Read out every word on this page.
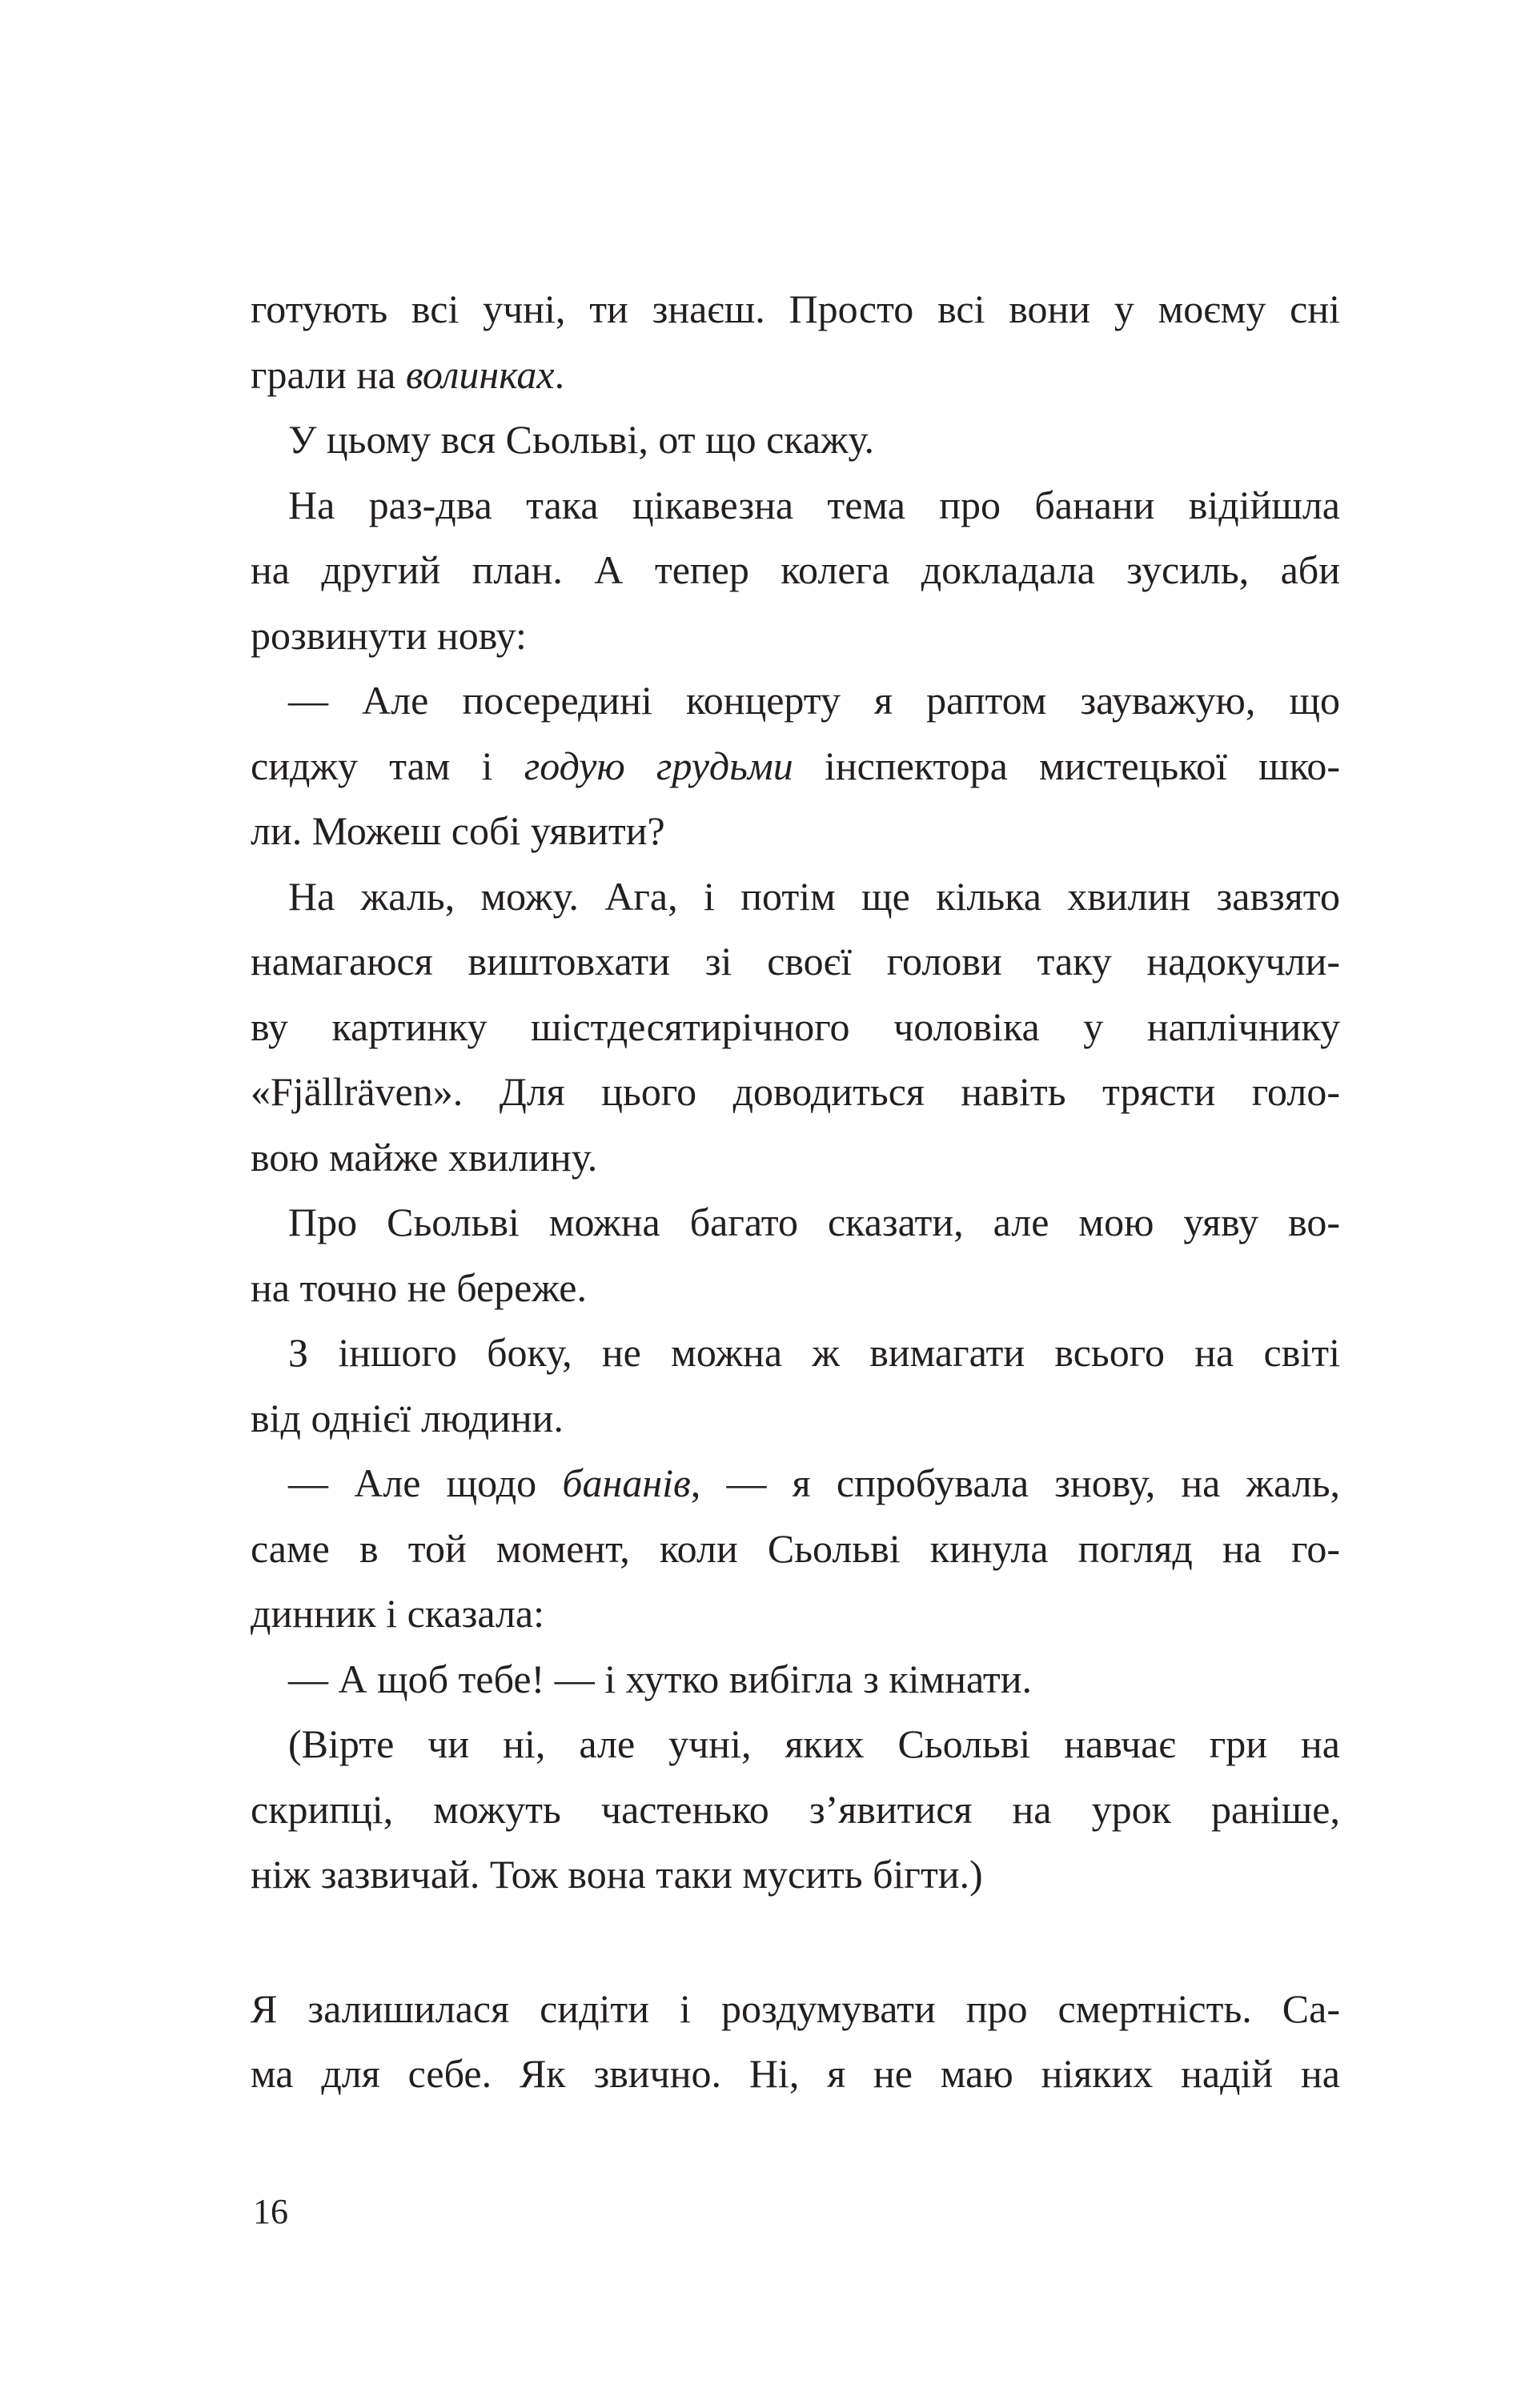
готують всі учні, ти знаєш. Просто всі вони у моєму сні
грали на волинках.
У цьому вся Сьольві, от що скажу.
На раз-два така цікавезна тема про банани відійшла
на другий план. А тепер колега докладала зусиль, аби
розвинути нову:
— Але посередині концерту я раптом зауважую, що
сиджу там і годую грудьми інспектора мистецької шко-
ли. Можеш собі уявити?
На жаль, можу. Ага, і потім ще кілька хвилин завзято
намагаюся виштовхати зі своєї голови таку надокучли-
ву картинку шістдесятирічного чоловіка у наплічнику
«Fjällräven». Для цього доводиться навіть трясти голо-
вою майже хвилину.
Про Сьольві можна багато сказати, але мою уяву во-
на точно не береже.
З іншого боку, не можна ж вимагати всього на світі
від однієї людини.
— Але щодо бананів, — я спробувала знову, на жаль,
саме в той момент, коли Сьольві кинула погляд на го-
динник і сказала:
— А щоб тебе! — і хутко вибігла з кімнати.
(Вірте чи ні, але учні, яких Сьольві навчає гри на
скрипці, можуть частенько з’явитися на урок раніше,
ніж зазвичай. Тож вона таки мусить бігти.)
Я залишилася сидіти і роздумувати про смертність. Са-
ма для себе. Як звично. Ні, я не маю ніяких надій на
16
